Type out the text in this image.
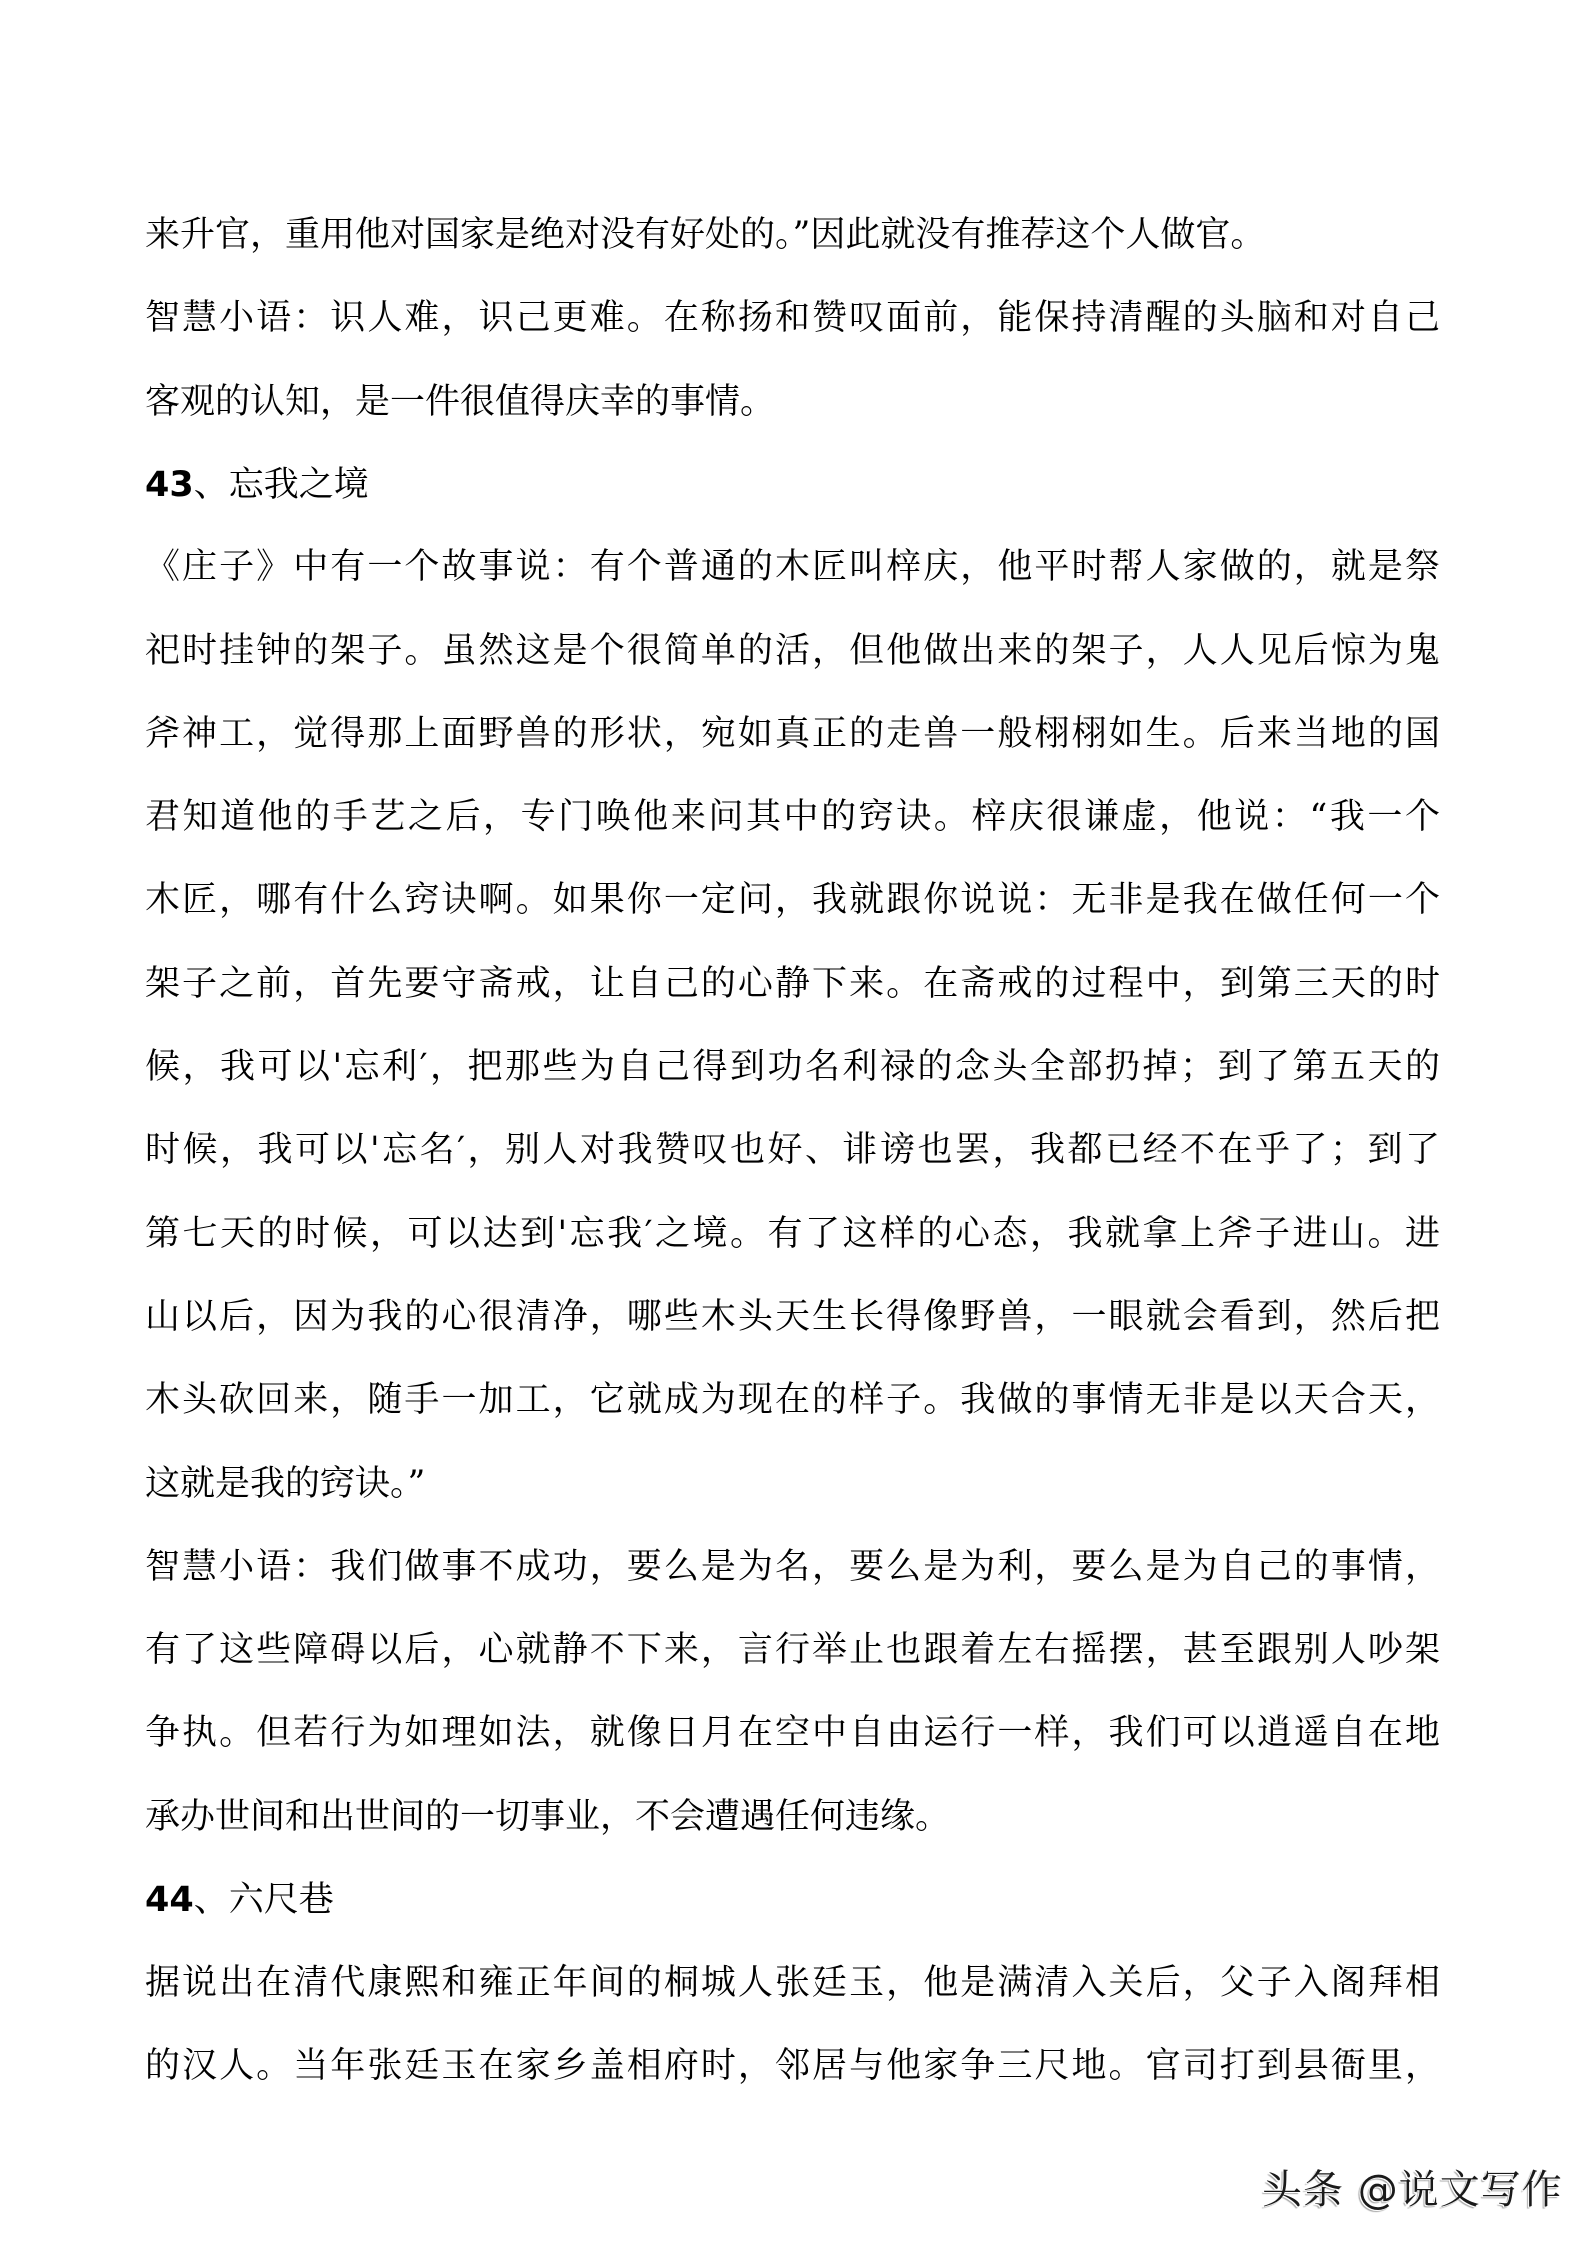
来升官，重用他对国家是绝对没有好处的。”因此就没有推荐这个人做官。
智慧小语：识人难，识己更难。在称扬和赞叹面前，能保持清醒的头脑和对自己
客观的认知，是一件很值得庆幸的事情。
43、忘我之境
《庄子》中有一个故事说：有个普通的木匠叫梓庆，他平时帮人家做的，就是祭
祀时挂钟的架子。虽然这是个很简单的活，但他做出来的架子，人人见后惊为鬼
斧神工，觉得那上面野兽的形状，宛如真正的走兽一般栩栩如生。后来当地的国
君知道他的手艺之后，专门唤他来问其中的窍诀。梓庆很谦虚，他说：“我一个
木匠，哪有什么窍诀啊。如果你一定问，我就跟你说说：无非是我在做任何一个
架子之前，首先要守斋戒，让自己的心静下来。在斋戒的过程中，到第三天的时
候，我可以'忘利′，把那些为自己得到功名利禄的念头全部扔掉；到了第五天的
时候，我可以'忘名′，别人对我赞叹也好、诽谤也罢，我都已经不在乎了；到了
第七天的时候，可以达到'忘我′之境。有了这样的心态，我就拿上斧子进山。进
山以后，因为我的心很清净，哪些木头天生长得像野兽，一眼就会看到，然后把
木头砍回来，随手一加工，它就成为现在的样子。我做的事情无非是以天合天，
这就是我的窍诀。”
智慧小语：我们做事不成功，要么是为名，要么是为利，要么是为自己的事情，
有了这些障碍以后，心就静不下来，言行举止也跟着左右摇摆，甚至跟别人吵架
争执。但若行为如理如法，就像日月在空中自由运行一样，我们可以逍遥自在地
承办世间和出世间的一切事业，不会遭遇任何违缘。
44、六尺巷
据说出在清代康熙和雍正年间的桐城人张廷玉，他是满清入关后，父子入阁拜相
的汉人。当年张廷玉在家乡盖相府时，邻居与他家争三尺地。官司打到县衙里，
头条 @说文写作
